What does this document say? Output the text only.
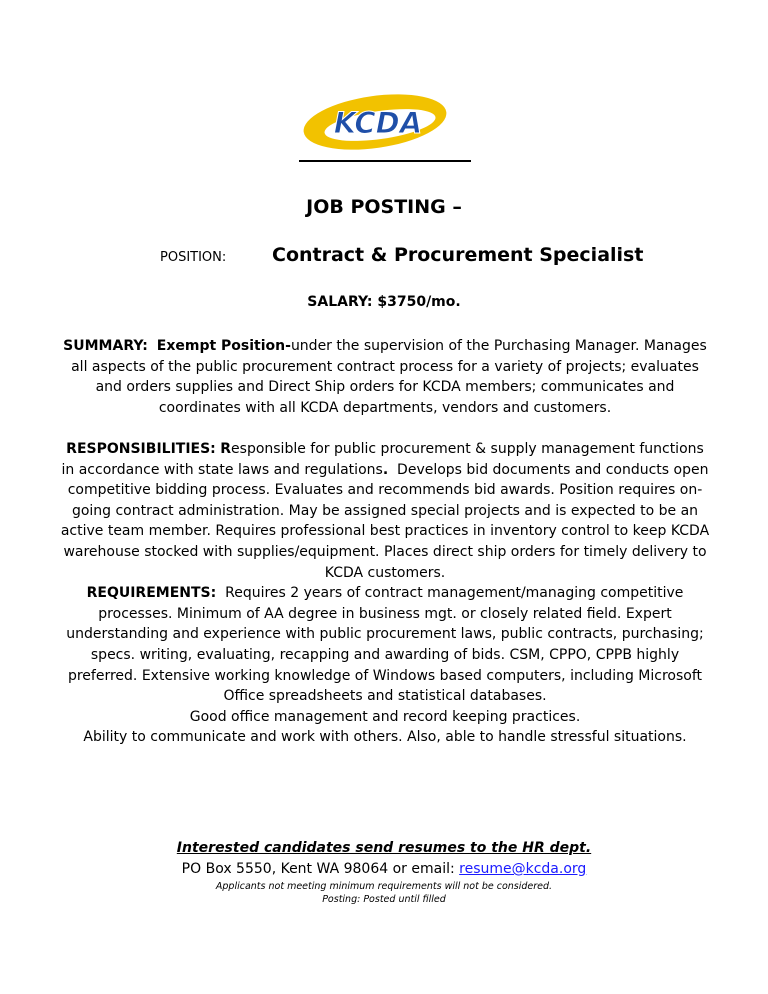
KCDA
JOB POSTING –
POSITION: Contract & Procurement Specialist
SALARY: $3750/mo.
SUMMARY: Exempt Position-under the supervision of the Purchasing Manager. Manages all aspects of the public procurement contract process for a variety of projects; evaluates and orders supplies and Direct Ship orders for KCDA members; communicates and coordinates with all KCDA departments, vendors and customers.
RESPONSIBILITIES: Responsible for public procurement & supply management functions in accordance with state laws and regulations. Develops bid documents and conducts open competitive bidding process. Evaluates and recommends bid awards. Position requires on-going contract administration. May be assigned special projects and is expected to be an active team member. Requires professional best practices in inventory control to keep KCDA warehouse stocked with supplies/equipment. Places direct ship orders for timely delivery to KCDA customers.
REQUIREMENTS: Requires 2 years of contract management/managing competitive processes. Minimum of AA degree in business mgt. or closely related field. Expert understanding and experience with public procurement laws, public contracts, purchasing; specs. writing, evaluating, recapping and awarding of bids. CSM, CPPO, CPPB highly preferred. Extensive working knowledge of Windows based computers, including Microsoft Office spreadsheets and statistical databases.
Good office management and record keeping practices.
Ability to communicate and work with others. Also, able to handle stressful situations.
Interested candidates send resumes to the HR dept.
PO Box 5550, Kent WA 98064 or email: resume@kcda.org
Applicants not meeting minimum requirements will not be considered.
Posting: Posted until filled
